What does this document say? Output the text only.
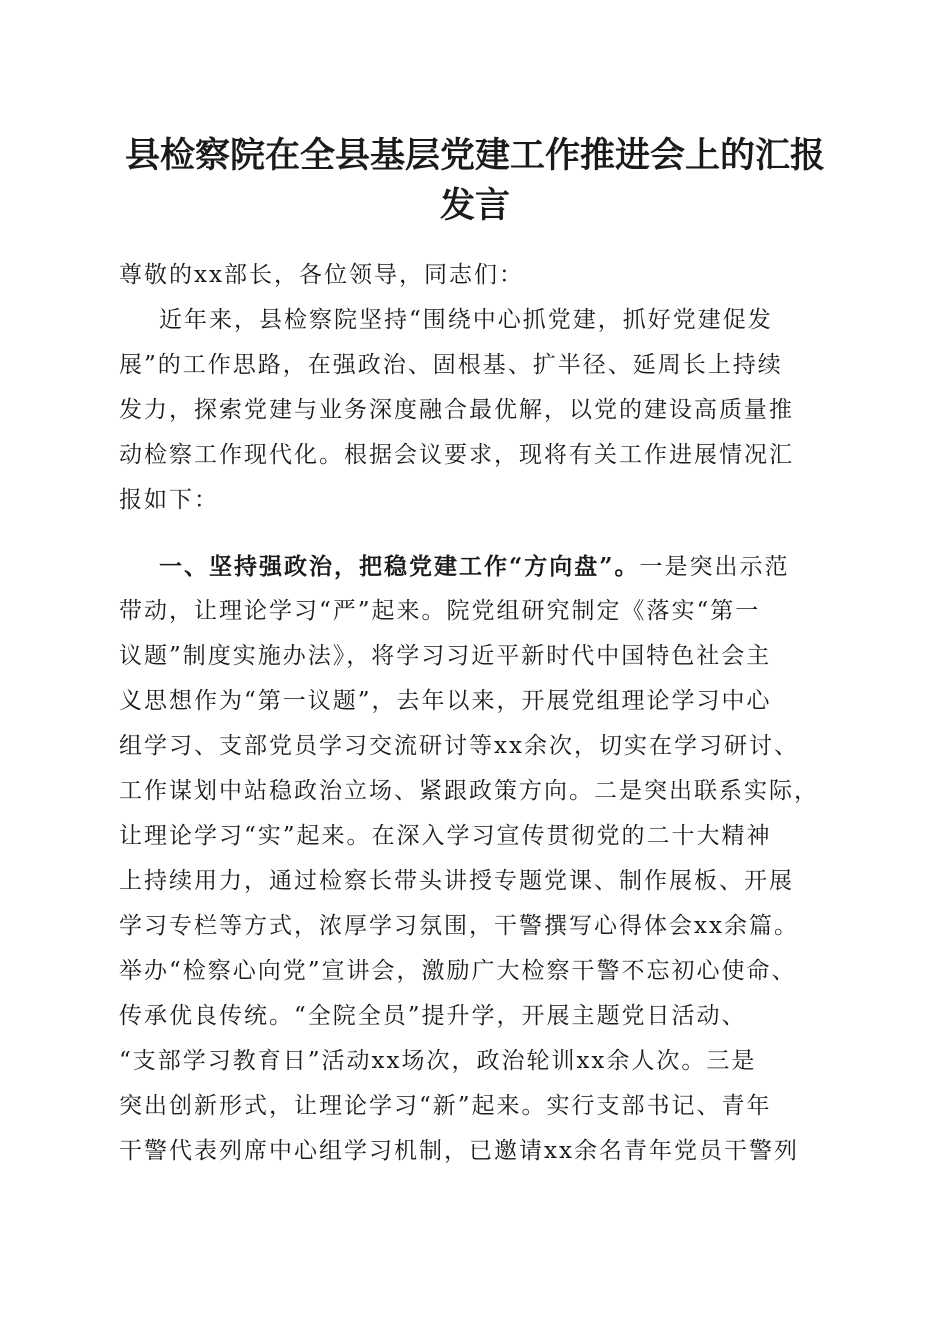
县检察院在全县基层党建工作推进会上的汇报
发言
尊敬的xx部长，各位领导，同志们：
近年来，县检察院坚持“围绕中心抓党建，抓好党建促发
展”的工作思路，在强政治、固根基、扩半径、延周长上持续
发力，探索党建与业务深度融合最优解，以党的建设高质量推
动检察工作现代化。根据会议要求，现将有关工作进展情况汇
报如下：
一、坚持强政治，把稳党建工作“方向盘”。一是突出示范
带动，让理论学习“严”起来。院党组研究制定《落实“第一
议题”制度实施办法》，将学习习近平新时代中国特色社会主
义思想作为“第一议题”，去年以来，开展党组理论学习中心
组学习、支部党员学习交流研讨等xx余次，切实在学习研讨、
工作谋划中站稳政治立场、紧跟政策方向。二是突出联系实际，
让理论学习“实”起来。在深入学习宣传贯彻党的二十大精神
上持续用力，通过检察长带头讲授专题党课、制作展板、开展
学习专栏等方式，浓厚学习氛围，干警撰写心得体会xx余篇。
举办“检察心向党”宣讲会，激励广大检察干警不忘初心使命、
传承优良传统。“全院全员”提升学，开展主题党日活动、
“支部学习教育日”活动xx场次，政治轮训xx余人次。三是
突出创新形式，让理论学习“新”起来。实行支部书记、青年
干警代表列席中心组学习机制，已邀请xx余名青年党员干警列
